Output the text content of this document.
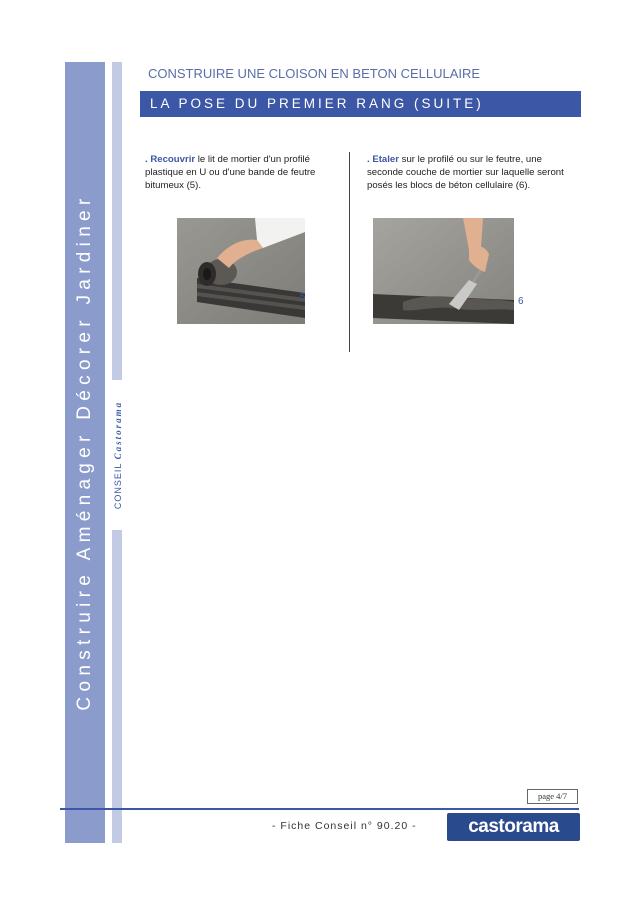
Construire Aménager Décorer Jardiner CONSEIL Castorama
CONSTRUIRE UNE CLOISON EN BETON CELLULAIRE
LA POSE DU PREMIER RANG (SUITE)
. Recouvrir le lit de mortier d'un profilé plastique en U ou d'une bande de feutre bitumeux (5).
. Etaler sur le profilé ou sur le feutre, une seconde couche de mortier sur laquelle seront posés les blocs de béton cellulaire (6).
5	6
page 4/7
- Fiche Conseil n° 90.20 -	castorama
